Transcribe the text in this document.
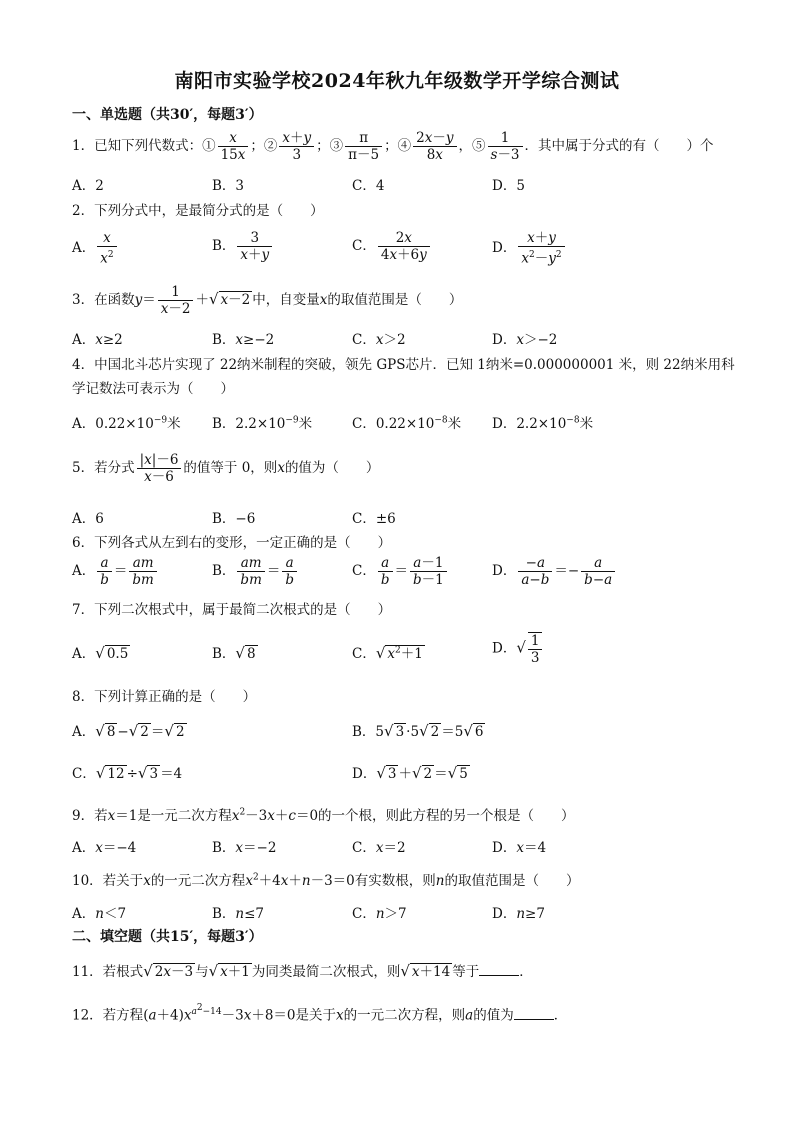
南阳市实验学校2024年秋九年级数学开学综合测试
一、单选题（共30′，每题3′）
1．已知下列代数式：① $\frac{x}{15x}$ ；② $\frac{x+y}{3}$ ；③ $\frac{\pi}{\pi-5}$ ；④ $\frac{2x-y}{8x}$ ，⑤ $\frac{1}{s-3}$ ．其中属于分式的有（　　）个
A．2	B．3	C．4	D．5
2．下列分式中，是最简分式的是（　　）
A． $\frac{x}{x^2}$	B． $\frac{3}{x+y}$	C． $\frac{2x}{4x+6y}$	D． $\frac{x+y}{x^2-y^2}$
3．在函数$y= \frac{1}{x-2}$ ＋√ x－2 中，自变量x的取值范围是（　　）
A．x≥2	B．x≥−2	C．x＞2	D．x＞−2
4．中国北斗芯片实现了 22纳米制程的突破，领先 GPS芯片．已知 1纳米=0.000000001 米，则 22纳米用科
学记数法可表示为（　　）
A．$0.22\times 10^{-9}$米 B．$2.2\times 10^{-9}$米	C．$0.22\times 10^{-8}$米 D．$2.2\times 10^{-8}$米
5．若分式 $\frac{|x|-6}{x-6}$ 的值等于 0，则x的值为（　　）
A．6	B．−6	C．±6
6．下列各式从左到右的变形，一定正确的是（　　）
A． $\frac{a}{b} = \frac{am}{bm}$	B． $\frac{am}{bm} = \frac{a}{b}$	C． $\frac{a}{b} = \frac{a-1}{b-1}$	D． $\frac{-a}{a-b} =- \frac{a}{b-a}$
7．下列二次根式中，属于最简二次根式的是（　　）
A．√ 0.5	B．√ 8	C．√ $x^2+1$	D．√ $\frac{1}{3}$
8．下列计算正确的是（　　）
A．√ 8 −√ 2 ＝√ 2	B．5√ 3 ·5√ 2 ＝5√ 6
C．√ 12 ÷√ 3 ＝4	D．√ 3 ＋√ 2 ＝√ 5
9．若x＝1是一元二次方程$x^2-3x+c=0$的一个根，则此方程的另一个根是（　　）
A．x＝−4	B．x＝−2	C．x＝2	D．x＝4
10．若关于x的一元二次方程$x^2+4x+n-3=0$有实数根，则n的取值范围是（　　）
A．n＜7	B．n≤7	C．n＞7	D．n≥7
二、填空题（共15′，每题3′）
11．若根式√ 2x－3 与√ x＋1 为同类最简二次根式，则√ x＋14 等于	．
12．若方程$(a+4)x^{a^2-14}-3x+8=0$是关于x的一元二次方程，则a的值为	．
